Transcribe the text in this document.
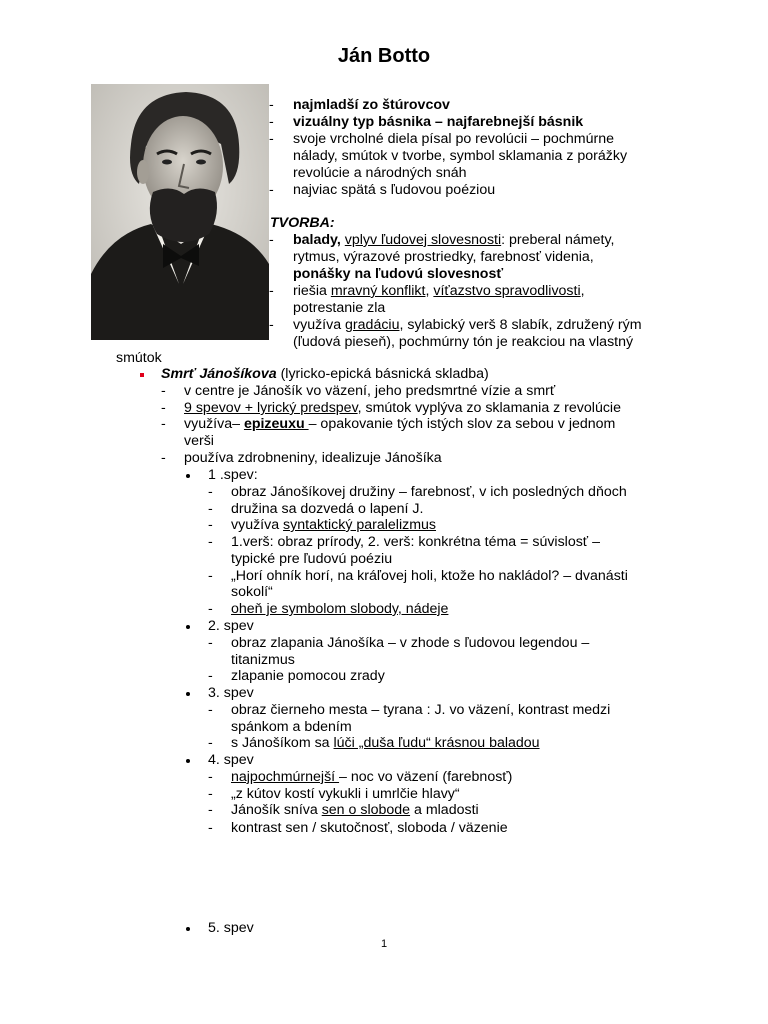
Ján Botto
-
najmladší zo štúrovcov
-
vizuálny typ básnika – najfarebnejší básnik
-
svoje vrcholné diela písal po revolúcii – pochmúrne
nálady, smútok v tvorbe, symbol sklamania z porážky
revolúcie a národných snáh
-
najviac spätá s ľudovou poéziou
TVORBA:
-
balady, vplyv ľudovej slovesnosti: preberal námety,
rytmus, výrazové prostriedky, farebnosť videnia,
ponášky na ľudovú slovesnosť
-
riešia mravný konflikt, víťazstvo spravodlivosti,
potrestanie zla
-
využíva gradáciu, sylabický verš 8 slabík, združený rým
(ľudová pieseň), pochmúrny tón je reakciou na vlastný
smútok
Smrť Jánošíkova (lyricko-epická básnická skladba)
-
v centre je Jánošík vo väzení, jeho predsmrtné vízie a smrť
-
9 spevov + lyrický predspev, smútok vyplýva zo sklamania z revolúcie
-
využíva– epizeuxu – opakovanie tých istých slov za sebou v jednom
verši
-
používa zdrobneniny, idealizuje Jánošíka
1 .spev:
-
obraz Jánošíkovej družiny – farebnosť, v ich posledných dňoch
-
družina sa dozvedá o lapení J.
-
využíva syntaktický paralelizmus
-
1.verš: obraz prírody, 2. verš: konkrétna téma = súvislosť –
typické pre ľudovú poéziu
-
„Horí ohník horí, na kráľovej holi, ktože ho nakládol? – dvanásti
sokolí“
-
oheň je symbolom slobody, nádeje
2. spev
-
obraz zlapania Jánošíka – v zhode s ľudovou legendou –
titanizmus
-
zlapanie pomocou zrady
3. spev
-
obraz čierneho mesta – tyrana : J. vo väzení, kontrast medzi
spánkom a bdením
-
s Jánošíkom sa lúči „duša ľudu“ krásnou baladou
4. spev
-
najpochmúrnejší – noc vo väzení (farebnosť)
-
„z kútov kostí vykukli i umrlčie hlavy“
-
Jánošík sníva sen o slobode a mladosti
-
kontrast sen / skutočnosť, sloboda / väzenie
5. spev
1
